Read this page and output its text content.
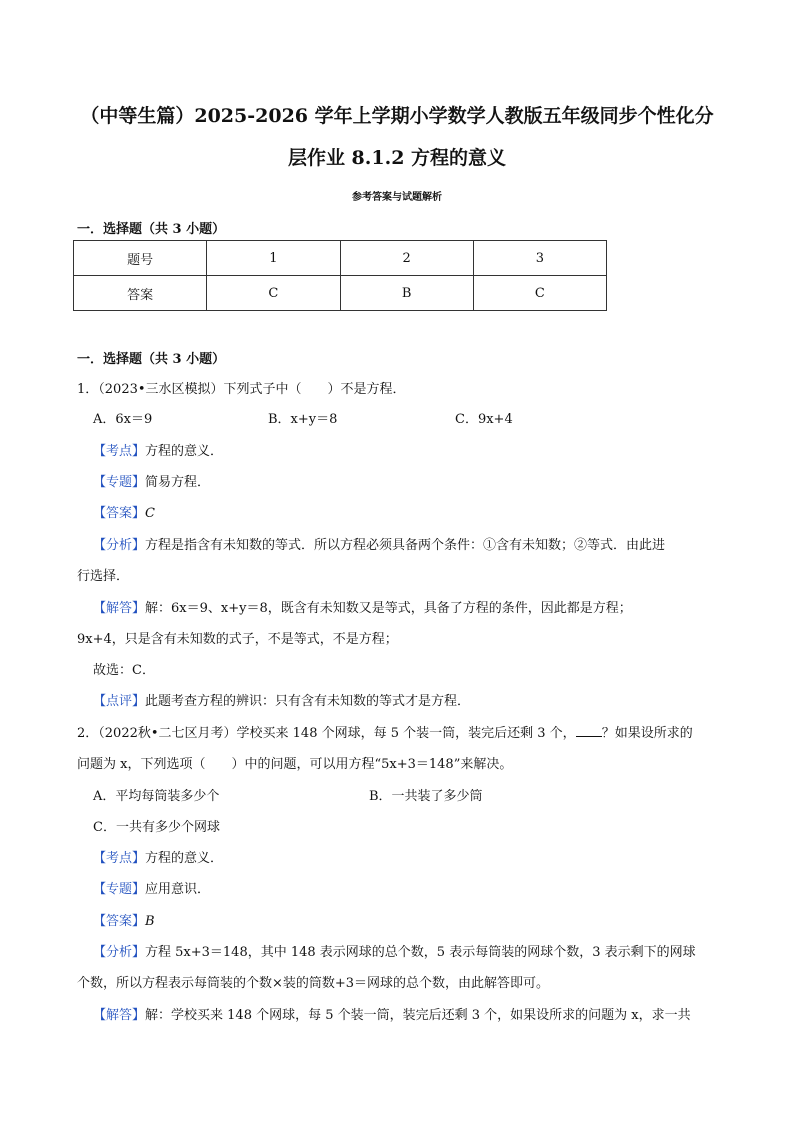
（中等生篇）2025-2026 学年上学期小学数学人教版五年级同步个性化分
层作业 8.1.2 方程的意义
参考答案与试题解析
一．选择题（共 3 小题）
题号	1	2	3
答案	C	B	C
一．选择题（共 3 小题）
1．（2023•三水区模拟）下列式子中（　　）不是方程．
A．6x＝9	B．x+y＝8	C．9x+4
【考点】方程的意义．
【专题】简易方程．
【答案】C
【分析】方程是指含有未知数的等式．所以方程必须具备两个条件：①含有未知数；②等式．由此进
行选择．
【解答】解：6x＝9、x+y＝8，既含有未知数又是等式，具备了方程的条件，因此都是方程；
9x+4，只是含有未知数的式子，不是等式，不是方程；
故选：C．
【点评】此题考查方程的辨识：只有含有未知数的等式才是方程．
2．（2022秋•二七区月考）学校买来 148 个网球，每 5 个装一筒，装完后还剩 3 个， ？如果设所求的
问题为 x，下列选项（　　）中的问题，可以用方程“5x+3＝148”来解决。
A．平均每筒装多少个	B．一共装了多少筒
C．一共有多少个网球
【考点】方程的意义．
【专题】应用意识．
【答案】B
【分析】方程 5x+3＝148，其中 148 表示网球的总个数，5 表示每筒装的网球个数，3 表示剩下的网球
个数，所以方程表示每筒装的个数×装的筒数+3＝网球的总个数，由此解答即可。
【解答】解：学校买来 148 个网球，每 5 个装一筒，装完后还剩 3 个，如果设所求的问题为 x，求一共
